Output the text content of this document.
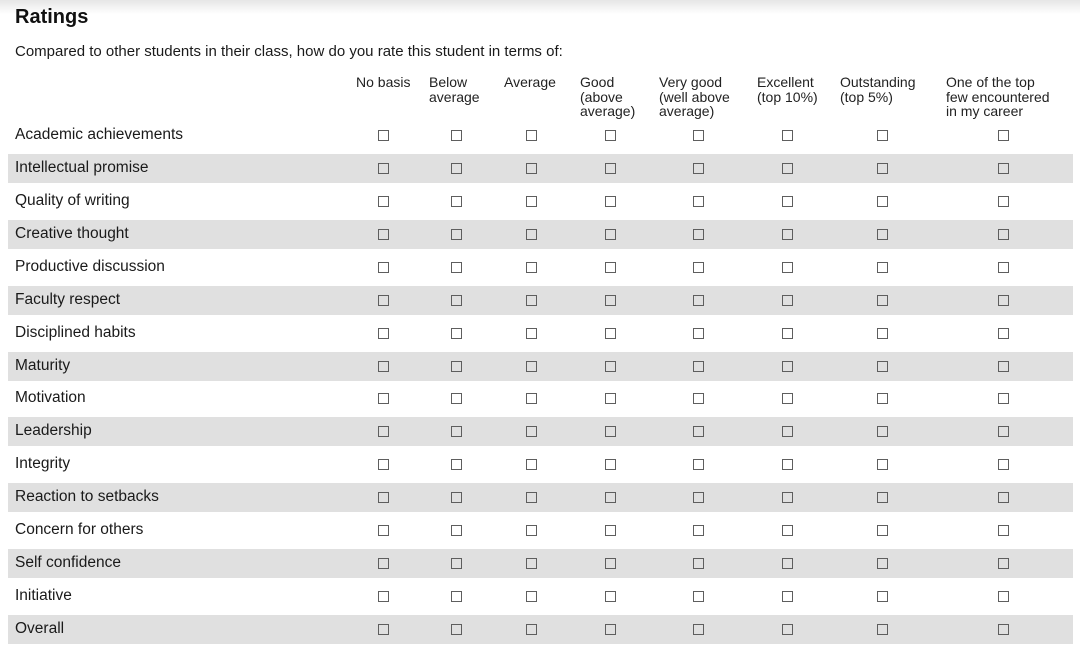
Ratings
Compared to other students in their class, how do you rate this student in terms of:
No basis Below
average
Average Good
(above
average)
Very good
(well above
average)
Excellent
(top 10%)
Outstanding
(top 5%)
One of the top
few encountered
in my career
Academic achievements
Intellectual promise
Quality of writing
Creative thought
Productive discussion
Faculty respect
Disciplined habits
Maturity
Motivation
Leadership
Integrity
Reaction to setbacks
Concern for others
Self confidence
Initiative
Overall
